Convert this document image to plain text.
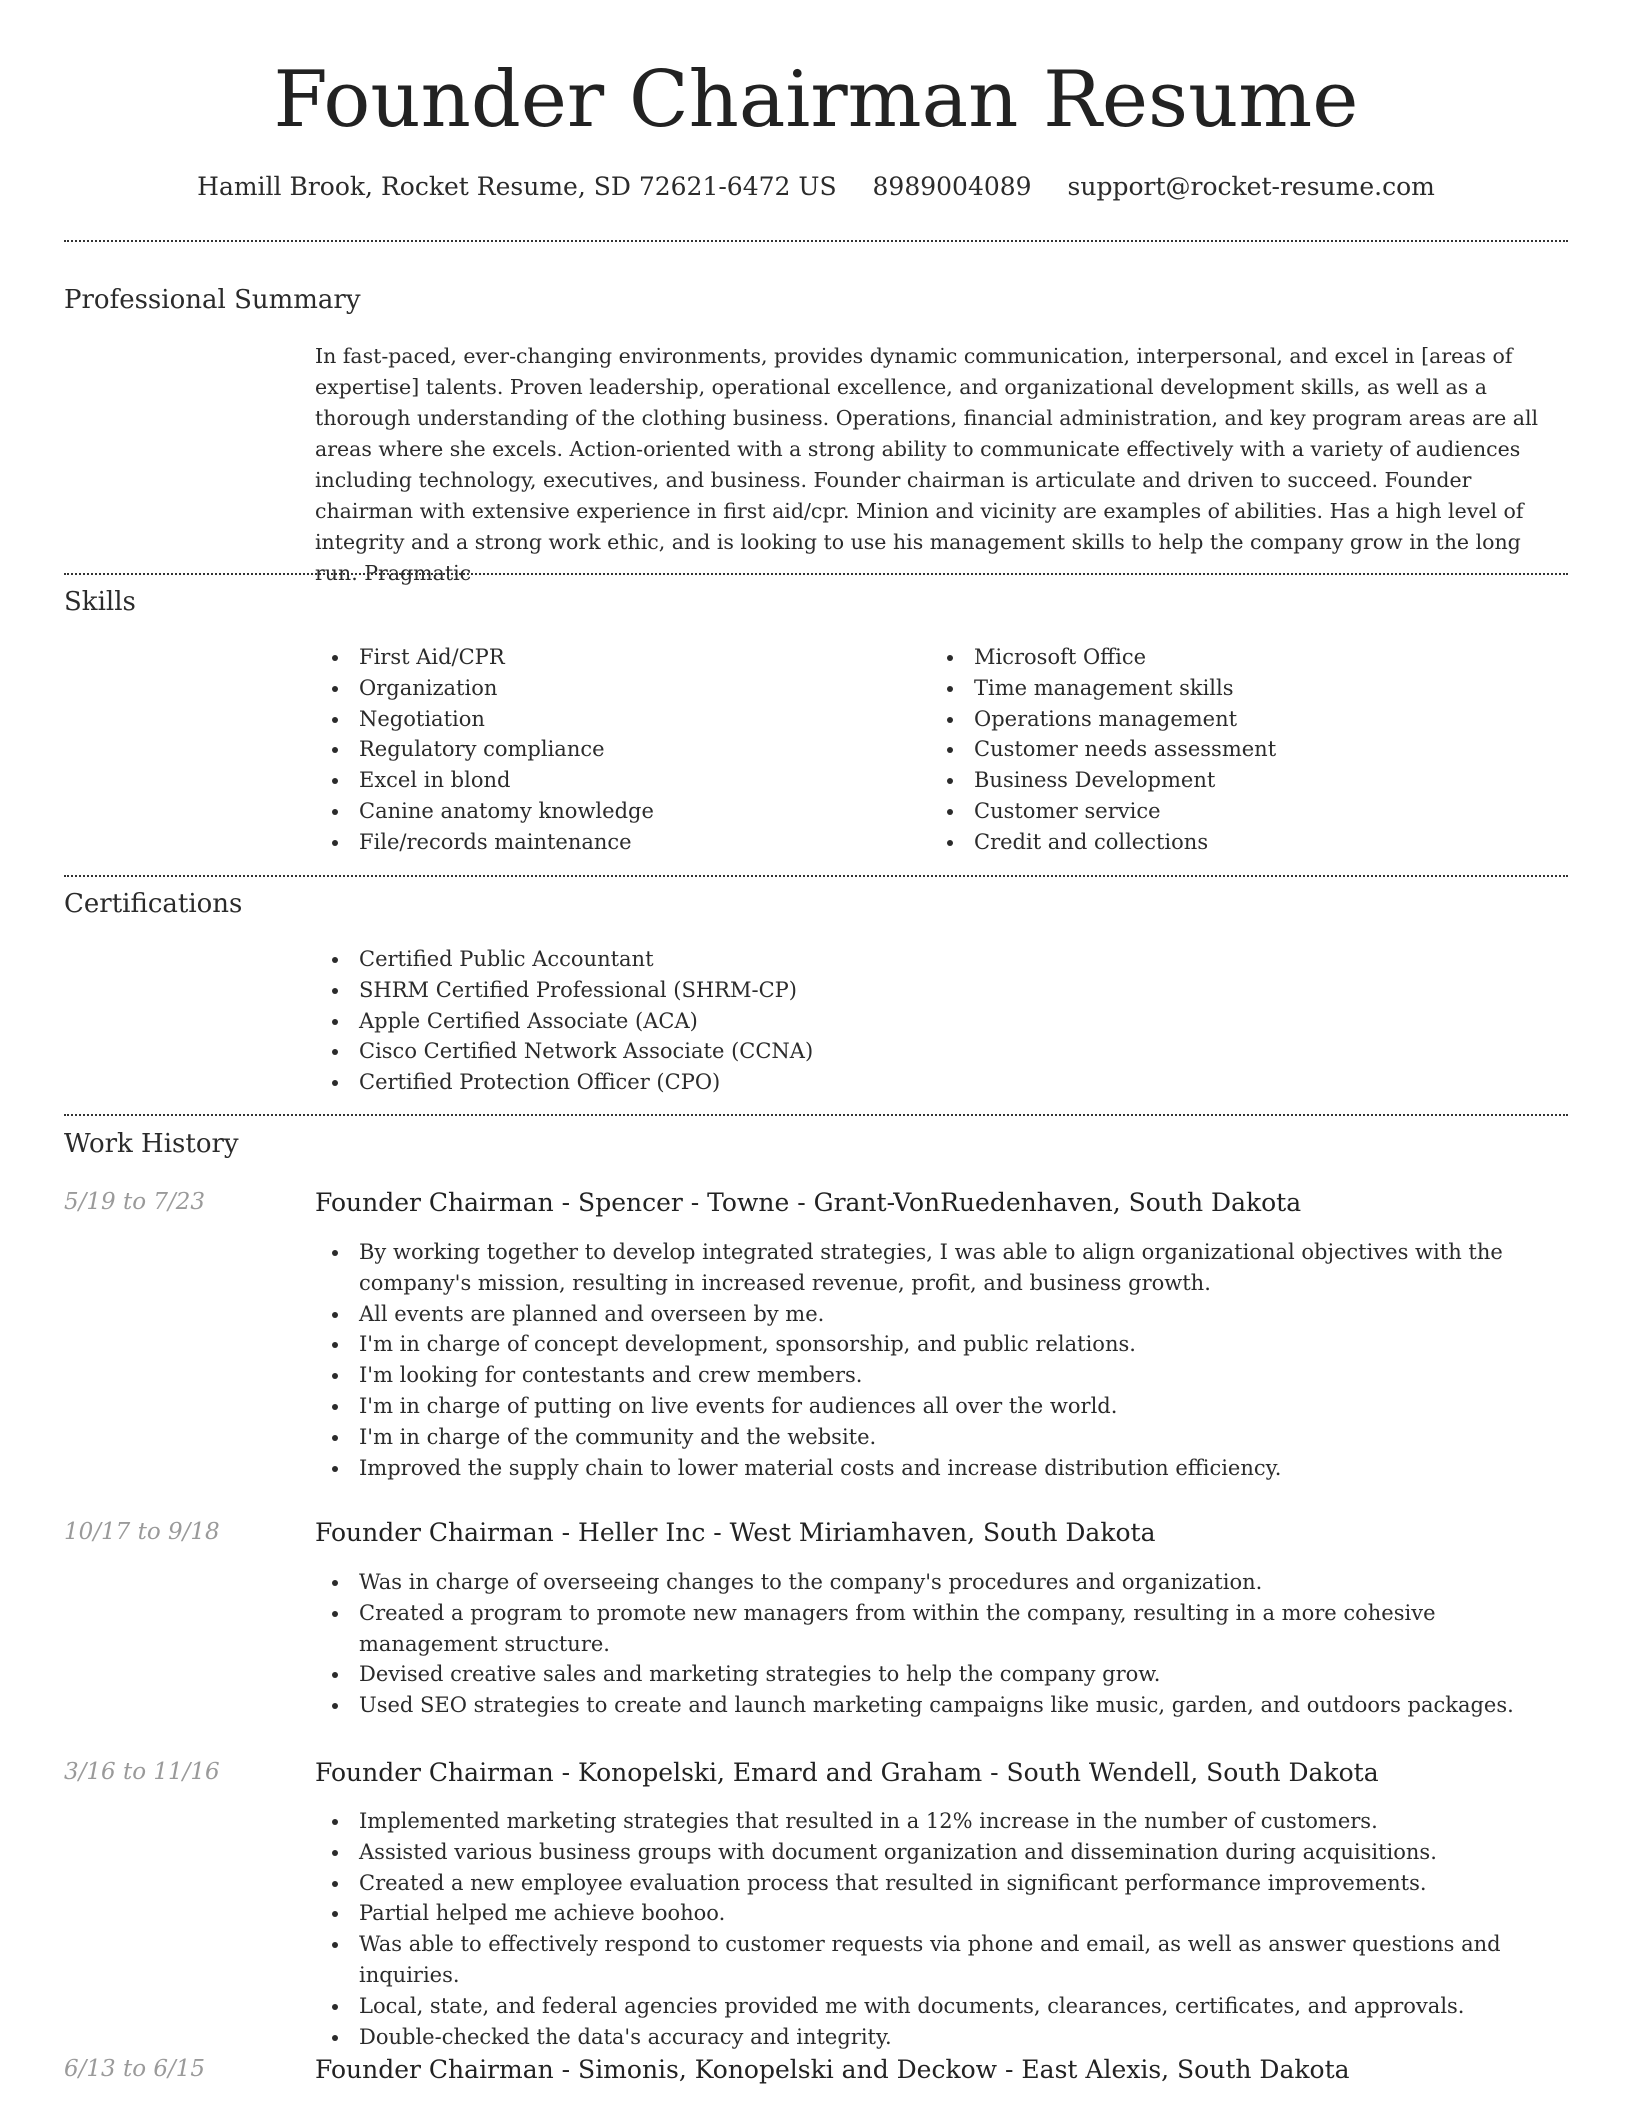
Founder Chairman Resume
Hamill Brook, Rocket Resume, SD 72621-6472 US 8989004089 support@rocket-resume.com
Professional Summary

In fast-paced, ever-changing environments, provides dynamic communication, interpersonal, and excel in [areas of expertise] talents. Proven leadership, operational excellence, and organizational development skills, as well as a thorough understanding of the clothing business. Operations, financial administration, and key program areas are all areas where she excels. Action-oriented with a strong ability to communicate effectively with a variety of audiences including technology, executives, and business. Founder chairman is articulate and driven to succeed. Founder chairman with extensive experience in first aid/cpr. Minion and vicinity are examples of abilities. Has a high level of integrity and a strong work ethic, and is looking to use his management skills to help the company grow in the long run. Pragmatic

Skills
First Aid/CPR
Organization
Negotiation
Regulatory compliance
Excel in blond
Canine anatomy knowledge
File/records maintenance
Microsoft Office
Time management skills
Operations management
Customer needs assessment
Business Development
Customer service
Credit and collections
Certifications
Certified Public Accountant
SHRM Certified Professional (SHRM-CP)
Apple Certified Associate (ACA)
Cisco Certified Network Associate (CCNA)
Certified Protection Officer (CPO)
Work History
5/19 to 7/23	Founder Chairman - Spencer - Towne - Grant-VonRuedenhaven, South Dakota
By working together to develop integrated strategies, I was able to align organizational objectives with the company's mission, resulting in increased revenue, profit, and business growth.
All events are planned and overseen by me.
I'm in charge of concept development, sponsorship, and public relations.
I'm looking for contestants and crew members.
I'm in charge of putting on live events for audiences all over the world.
I'm in charge of the community and the website.
Improved the supply chain to lower material costs and increase distribution efficiency.
10/17 to 9/18	Founder Chairman - Heller Inc - West Miriamhaven, South Dakota
Was in charge of overseeing changes to the company's procedures and organization.
Created a program to promote new managers from within the company, resulting in a more cohesive management structure.
Devised creative sales and marketing strategies to help the company grow.
Used SEO strategies to create and launch marketing campaigns like music, garden, and outdoors packages.
3/16 to 11/16	Founder Chairman - Konopelski, Emard and Graham - South Wendell, South Dakota
Implemented marketing strategies that resulted in a 12% increase in the number of customers.
Assisted various business groups with document organization and dissemination during acquisitions.
Created a new employee evaluation process that resulted in significant performance improvements.
Partial helped me achieve boohoo.
Was able to effectively respond to customer requests via phone and email, as well as answer questions and inquiries.
Local, state, and federal agencies provided me with documents, clearances, certificates, and approvals.
Double-checked the data's accuracy and integrity.
6/13 to 6/15	Founder Chairman - Simonis, Konopelski and Deckow - East Alexis, South Dakota
